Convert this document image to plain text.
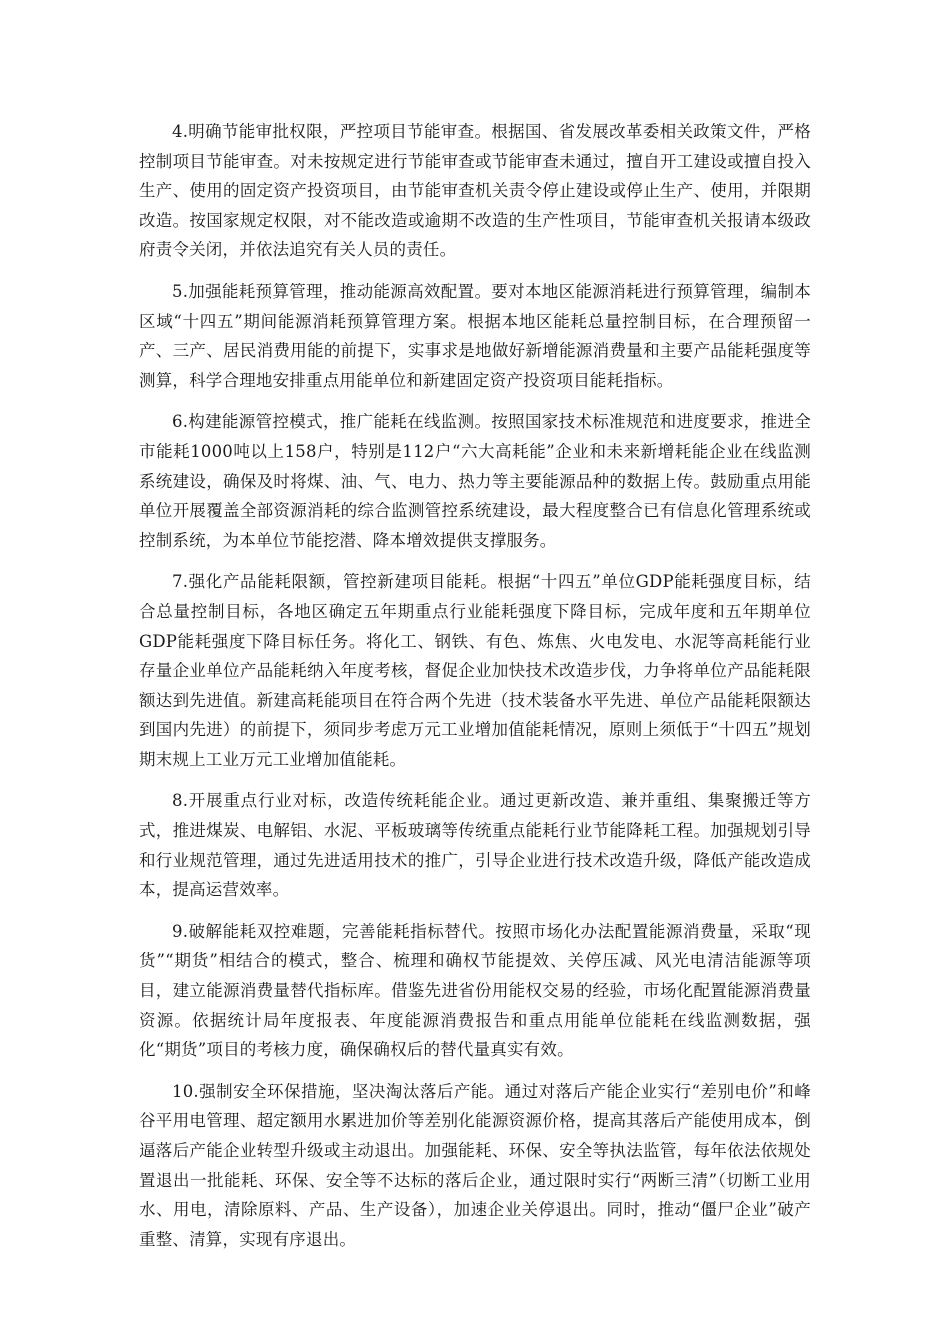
4.明确节能审批权限，严控项目节能审查。根据国、省发展改革委相关政策文件，严格控制项目节能审查。对未按规定进行节能审查或节能审查未通过，擅自开工建设或擅自投入生产、使用的固定资产投资项目，由节能审查机关责令停止建设或停止生产、使用，并限期改造。按国家规定权限，对不能改造或逾期不改造的生产性项目，节能审查机关报请本级政府责令关闭，并依法追究有关人员的责任。

5.加强能耗预算管理，推动能源高效配置。要对本地区能源消耗进行预算管理，编制本区域“十四五”期间能源消耗预算管理方案。根据本地区能耗总量控制目标，在合理预留一产、三产、居民消费用能的前提下，实事求是地做好新增能源消费量和主要产品能耗强度等测算，科学合理地安排重点用能单位和新建固定资产投资项目能耗指标。

6.构建能源管控模式，推广能耗在线监测。按照国家技术标准规范和进度要求，推进全市能耗1000吨以上158户，特别是112户“六大高耗能”企业和未来新增耗能企业在线监测系统建设，确保及时将煤、油、气、电力、热力等主要能源品种的数据上传。鼓励重点用能单位开展覆盖全部资源消耗的综合监测管控系统建设，最大程度整合已有信息化管理系统或控制系统，为本单位节能挖潜、降本增效提供支撑服务。

7.强化产品能耗限额，管控新建项目能耗。根据“十四五”单位GDP能耗强度目标，结合总量控制目标，各地区确定五年期重点行业能耗强度下降目标，完成年度和五年期单位GDP能耗强度下降目标任务。将化工、钢铁、有色、炼焦、火电发电、水泥等高耗能行业存量企业单位产品能耗纳入年度考核，督促企业加快技术改造步伐，力争将单位产品能耗限额达到先进值。新建高耗能项目在符合两个先进（技术装备水平先进、单位产品能耗限额达到国内先进）的前提下，须同步考虑万元工业增加值能耗情况，原则上须低于“十四五”规划期末规上工业万元工业增加值能耗。

8.开展重点行业对标，改造传统耗能企业。通过更新改造、兼并重组、集聚搬迁等方式，推进煤炭、电解铝、水泥、平板玻璃等传统重点能耗行业节能降耗工程。加强规划引导和行业规范管理，通过先进适用技术的推广，引导企业进行技术改造升级，降低产能改造成本，提高运营效率。

9.破解能耗双控难题，完善能耗指标替代。按照市场化办法配置能源消费量，采取“现货”“期货”相结合的模式，整合、梳理和确权节能提效、关停压减、风光电清洁能源等项目，建立能源消费量替代指标库。借鉴先进省份用能权交易的经验，市场化配置能源消费量资源。依据统计局年度报表、年度能源消费报告和重点用能单位能耗在线监测数据，强化“期货”项目的考核力度，确保确权后的替代量真实有效。

10.强制安全环保措施，坚决淘汰落后产能。通过对落后产能企业实行“差别电价”和峰谷平用电管理、超定额用水累进加价等差别化能源资源价格，提高其落后产能使用成本，倒逼落后产能企业转型升级或主动退出。加强能耗、环保、安全等执法监管，每年依法依规处置退出一批能耗、环保、安全等不达标的落后企业，通过限时实行“两断三清”（切断工业用水、用电，清除原料、产品、生产设备），加速企业关停退出。同时，推动“僵尸企业”破产重整、清算，实现有序退出。
